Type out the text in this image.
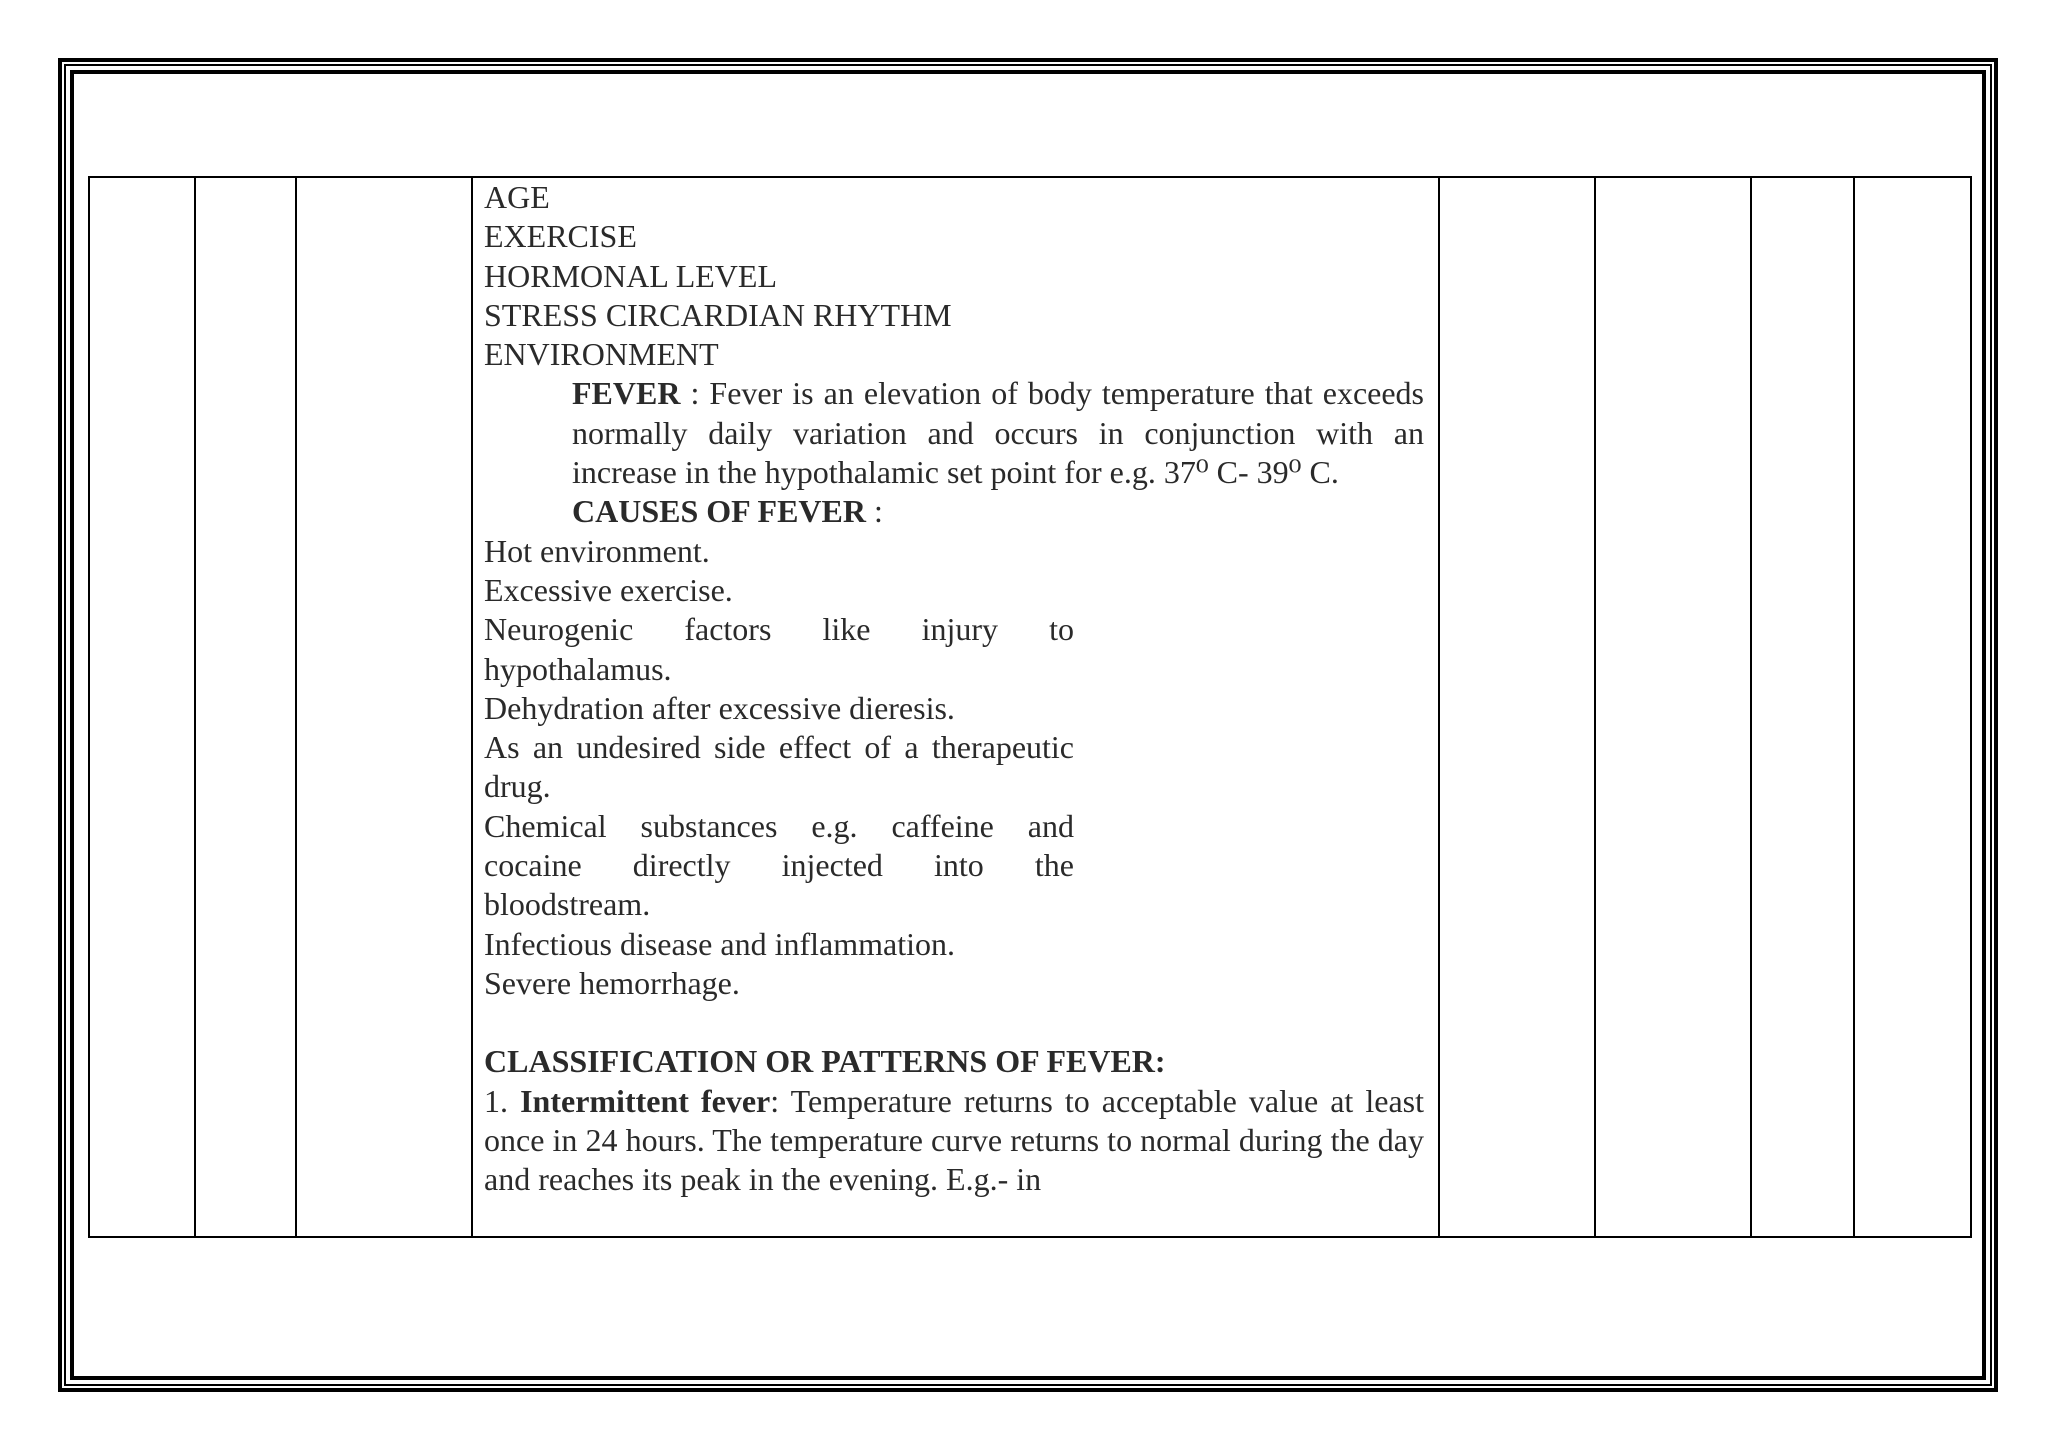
AGE
EXERCISE
HORMONAL LEVEL
STRESS CIRCARDIAN RHYTHM
ENVIRONMENT
FEVER : Fever is an elevation of body temperature that exceeds normally daily variation and occurs in conjunction with an increase in the hypothalamic set point for e.g. 37⁰ C- 39⁰ C.
CAUSES OF FEVER :
Hot environment.
Excessive exercise.
Neurogenic factors like injury to hypothalamus.
Dehydration after excessive dieresis.
As an undesired side effect of a therapeutic drug.
Chemical substances e.g. caffeine and cocaine directly injected into the bloodstream.
Infectious disease and inflammation.
Severe hemorrhage.
CLASSIFICATION OR PATTERNS OF FEVER:
1. Intermittent fever: Temperature returns to acceptable value at least once in 24 hours. The temperature curve returns to normal during the day and reaches its peak in the evening. E.g.- in
